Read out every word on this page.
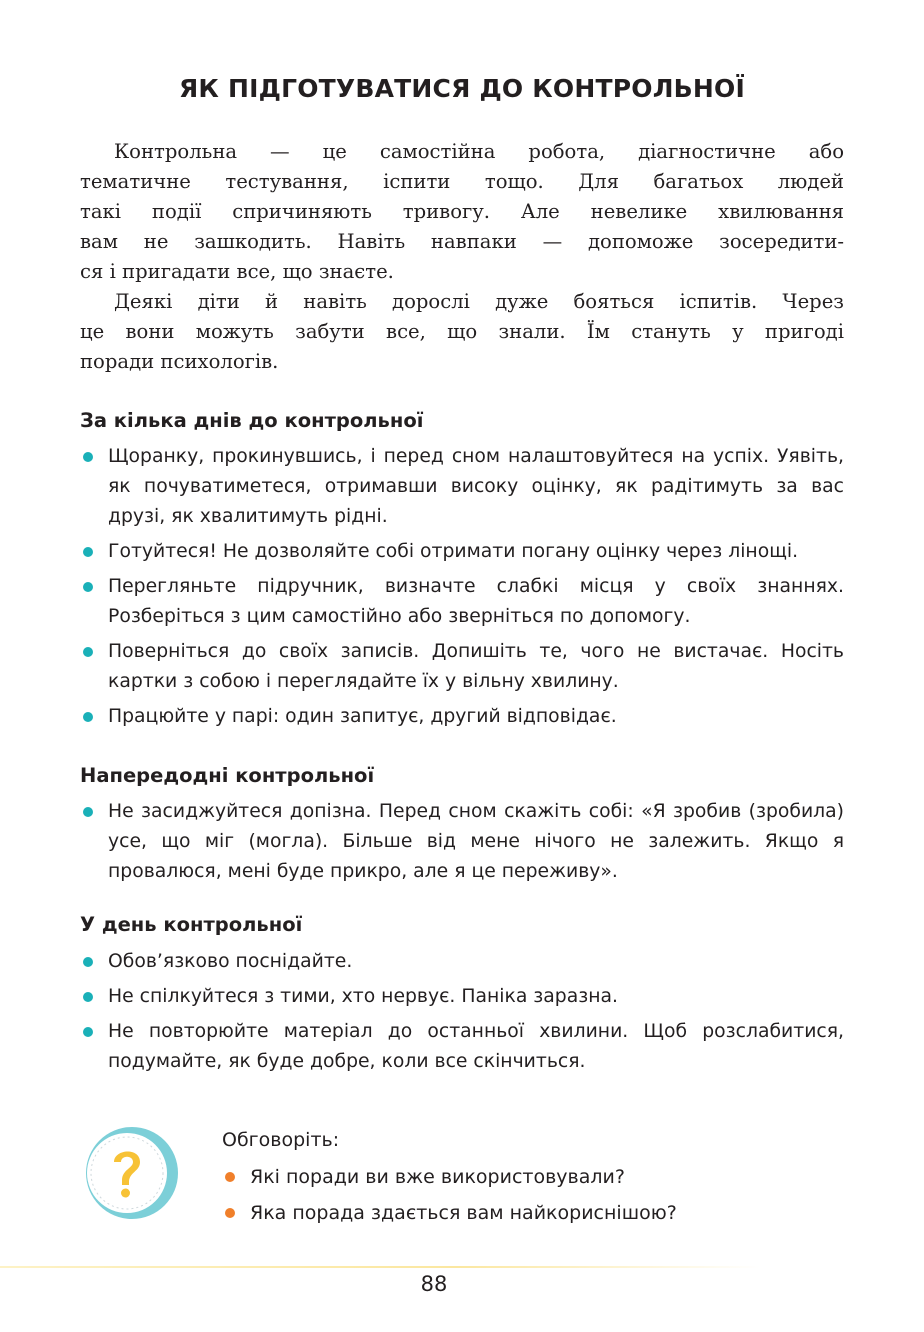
ЯК ПІДГОТУВАТИСЯ ДО КОНТРОЛЬНОЇ

Контрольна — це самостійна робота, діагностичне або

тематичне тестування, іспити тощо. Для багатьох людей

такі події спричиняють тривогу. Але невелике хвилювання

вам не зашкодить. Навіть навпаки — допоможе зосередити-

ся і пригадати все, що знаєте.

Деякі діти й навіть дорослі дуже бояться іспитів. Через

це вони можуть забути все, що знали. Їм стануть у пригоді

поради психологів.

За кілька днів до контрольної
Щоранку, прокинувшись, і перед сном налаштовуйтеся на успіх. Уявіть, як почуватиметеся, отримавши високу оцінку, як радітимуть за вас друзі, як хвалитимуть рідні.
Готуйтеся! Не дозволяйте собі отримати погану оцінку через лінощі.
Перегляньте підручник, визначте слабкі місця у своїх знаннях. Розберіться з цим самостійно або зверніться по допомогу.
Поверніться до своїх записів. Допишіть те, чого не вистачає. Носіть картки з собою і переглядайте їх у вільну хвилину.
Працюйте у парі: один запитує, другий відповідає.
Напередодні контрольної
Не засиджуйтеся допізна. Перед сном скажіть собі: «Я зробив (зробила) усе, що міг (могла). Більше від мене нічого не залежить. Якщо я провалюся, мені буде прикро, але я це переживу».
У день контрольної
Обов’язково поснідайте.
Не спілкуйтеся з тими, хто нервує. Паніка заразна.
Не повторюйте матеріал до останньої хвилини. Щоб розслабитися, подумайте, як буде добре, коли все скінчиться.
Обговоріть:
Які поради ви вже використовували?
Яка порада здається вам найкориснішою?
88
